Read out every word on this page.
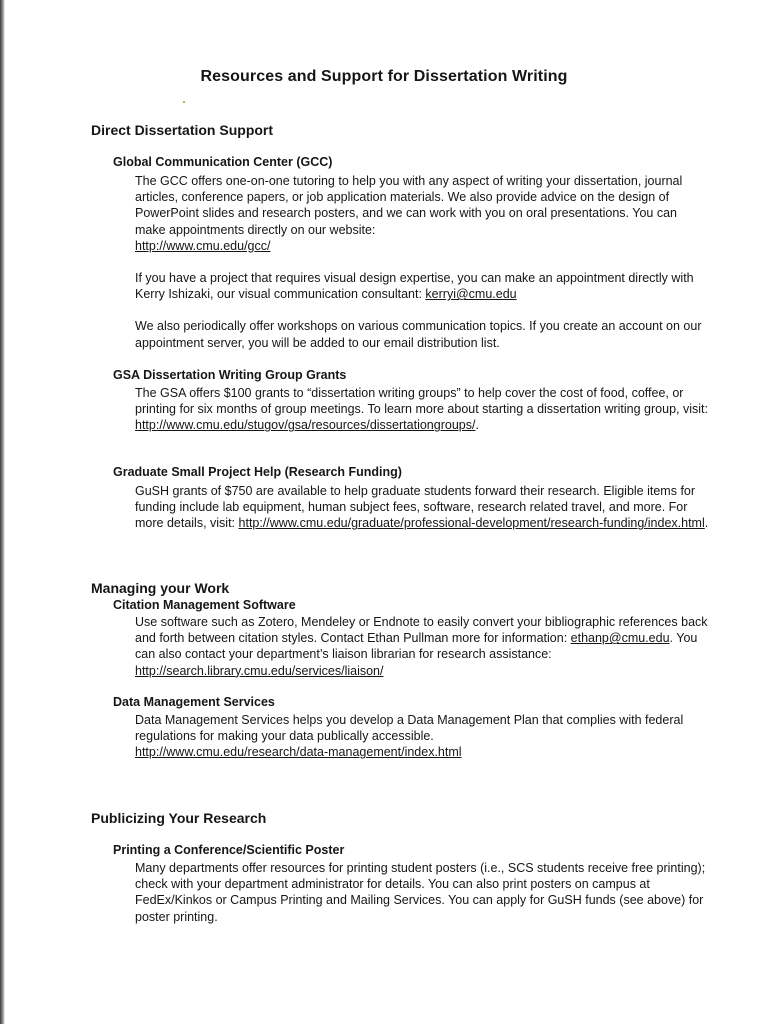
Resources and Support for Dissertation Writing
Direct Dissertation Support
Global Communication Center (GCC)

The GCC offers one-on-one tutoring to help you with any aspect of writing your dissertation, journal articles, conference papers, or job application materials. We also provide advice on the design of PowerPoint slides and research posters, and we can work with you on oral presentations. You can make appointments directly on our website:
http://www.cmu.edu/gcc/

If you have a project that requires visual design expertise, you can make an appointment directly with Kerry Ishizaki, our visual communication consultant: kerryi@cmu.edu

We also periodically offer workshops on various communication topics. If you create an account on our appointment server, you will be added to our email distribution list.

GSA Dissertation Writing Group Grants

The GSA offers $100 grants to “dissertation writing groups” to help cover the cost of food, coffee, or printing for six months of group meetings. To learn more about starting a dissertation writing group, visit:
http://www.cmu.edu/stugov/gsa/resources/dissertationgroups/.

Graduate Small Project Help (Research Funding)

GuSH grants of $750 are available to help graduate students forward their research. Eligible items for funding include lab equipment, human subject fees, software, research related travel, and more. For more details, visit: http://www.cmu.edu/graduate/professional-development/research-funding/index.html.

Managing your Work
Citation Management Software

Use software such as Zotero, Mendeley or Endnote to easily convert your bibliographic references back and forth between citation styles. Contact Ethan Pullman more for information: ethanp@cmu.edu. You can also contact your department’s liaison librarian for research assistance: http://search.library.cmu.edu/services/liaison/

Data Management Services

Data Management Services helps you develop a Data Management Plan that complies with federal regulations for making your data publically accessible.
http://www.cmu.edu/research/data-management/index.html

Publicizing Your Research
Printing a Conference/Scientific Poster

Many departments offer resources for printing student posters (i.e., SCS students receive free printing); check with your department administrator for details. You can also print posters on campus at FedEx/Kinkos or Campus Printing and Mailing Services. You can apply for GuSH funds (see above) for poster printing.
